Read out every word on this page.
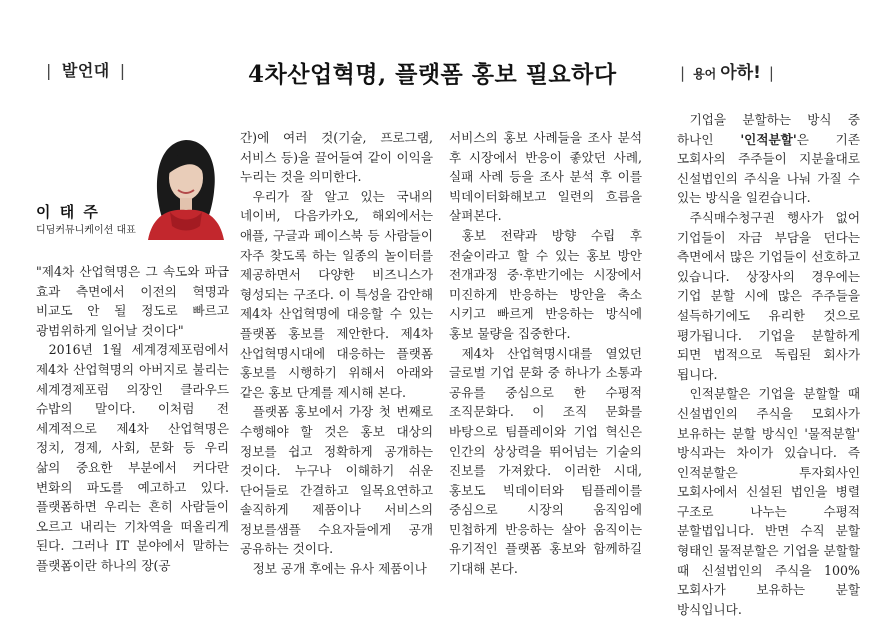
| 발언대 |	4차산업혁명, 플랫폼 홍보 필요하다	| 용어 아하! |
이 태 주
디딤커뮤니케이션 대표

"제4차 산업혁명은 그 속도와 파급 효과 측면에서 이전의 혁명과 비교도 안 될 정도로 빠르고 광범위하게 일어날 것이다"

2016년 1월 세계경제포럼에서 제4차 산업혁명의 아버지로 불리는 세계경제포럼 의장인 클라우드 슈밥의 말이다. 이처럼 전 세계적으로 제4차 산업혁명은 정치, 경제, 사회, 문화 등 우리 삶의 중요한 부분에서 커다란 변화의 파도를 예고하고 있다. 플랫폼하면 우리는 흔히 사람들이 오르고 내리는 기차역을 떠올리게 된다. 그러나 IT 분야에서 말하는 플랫폼이란 하나의 장(공

간)에 여러 것(기술, 프로그램, 서비스 등)을 끌어들여 같이 이익을 누리는 것을 의미한다.

우리가 잘 알고 있는 국내의 네이버, 다음카카오, 해외에서는 애플, 구글과 페이스북 등 사람들이 자주 찾도록 하는 일종의 놀이터를 제공하면서 다양한 비즈니스가 형성되는 구조다. 이 특성을 감안해 제4차 산업혁명에 대응할 수 있는 플랫폼 홍보를 제안한다. 제4차 산업혁명시대에 대응하는 플랫폼 홍보를 시행하기 위해서 아래와 같은 홍보 단계를 제시해 본다.

플랫폼 홍보에서 가장 첫 번째로 수행해야 할 것은 홍보 대상의 정보를 쉽고 정확하게 공개하는 것이다. 누구나 이해하기 쉬운 단어들로 간결하고 일목요연하고 솔직하게 제품이나 서비스의 정보를샘플 수요자들에게 공개 공유하는 것이다.

정보 공개 후에는 유사 제품이나

서비스의 홍보 사례들을 조사 분석 후 시장에서 반응이 좋았던 사례, 실패 사례 등을 조사 분석 후 이를 빅데이터화해보고 일련의 흐름을 살펴본다.

홍보 전략과 방향 수립 후 전술이라고 할 수 있는 홍보 방안 전개과정 중·후반기에는 시장에서 미진하게 반응하는 방안을 축소 시키고 빠르게 반응하는 방식에 홍보 물량을 집중한다.

제4차 산업혁명시대를 열었던 글로벌 기업 문화 중 하나가 소통과 공유를 중심으로 한 수평적 조직문화다. 이 조직 문화를 바탕으로 팀플레이와 기업 혁신은 인간의 상상력을 뛰어넘는 기술의 진보를 가져왔다. 이러한 시대, 홍보도 빅데이터와 팀플레이를 중심으로 시장의 움직임에 민첩하게 반응하는 살아 움직이는 유기적인 플랫폼 홍보와 함께하길 기대해 본다.

기업을 분할하는 방식 중 하나인 '인적분할'은 기존 모회사의 주주들이 지분율대로 신설법인의 주식을 나눠 가질 수 있는 방식을 일컫습니다.

주식매수청구권 행사가 없어 기업들이 자금 부담을 던다는 측면에서 많은 기업들이 선호하고 있습니다. 상장사의 경우에는 기업 분할 시에 많은 주주들을 설득하기에도 유리한 것으로 평가됩니다. 기업을 분할하게 되면 법적으로 독립된 회사가 됩니다.

인적분할은 기업을 분할할 때 신설법인의 주식을 모회사가 보유하는 분할 방식인 '물적분할' 방식과는 차이가 있습니다. 즉 인적분할은 투자회사인 모회사에서 신설된 법인을 병렬 구조로 나누는 수평적 분할법입니다. 반면 수직 분할 형태인 물적분할은 기업을 분할할 때 신설법인의 주식을 100% 모회사가 보유하는 분할 방식입니다.
